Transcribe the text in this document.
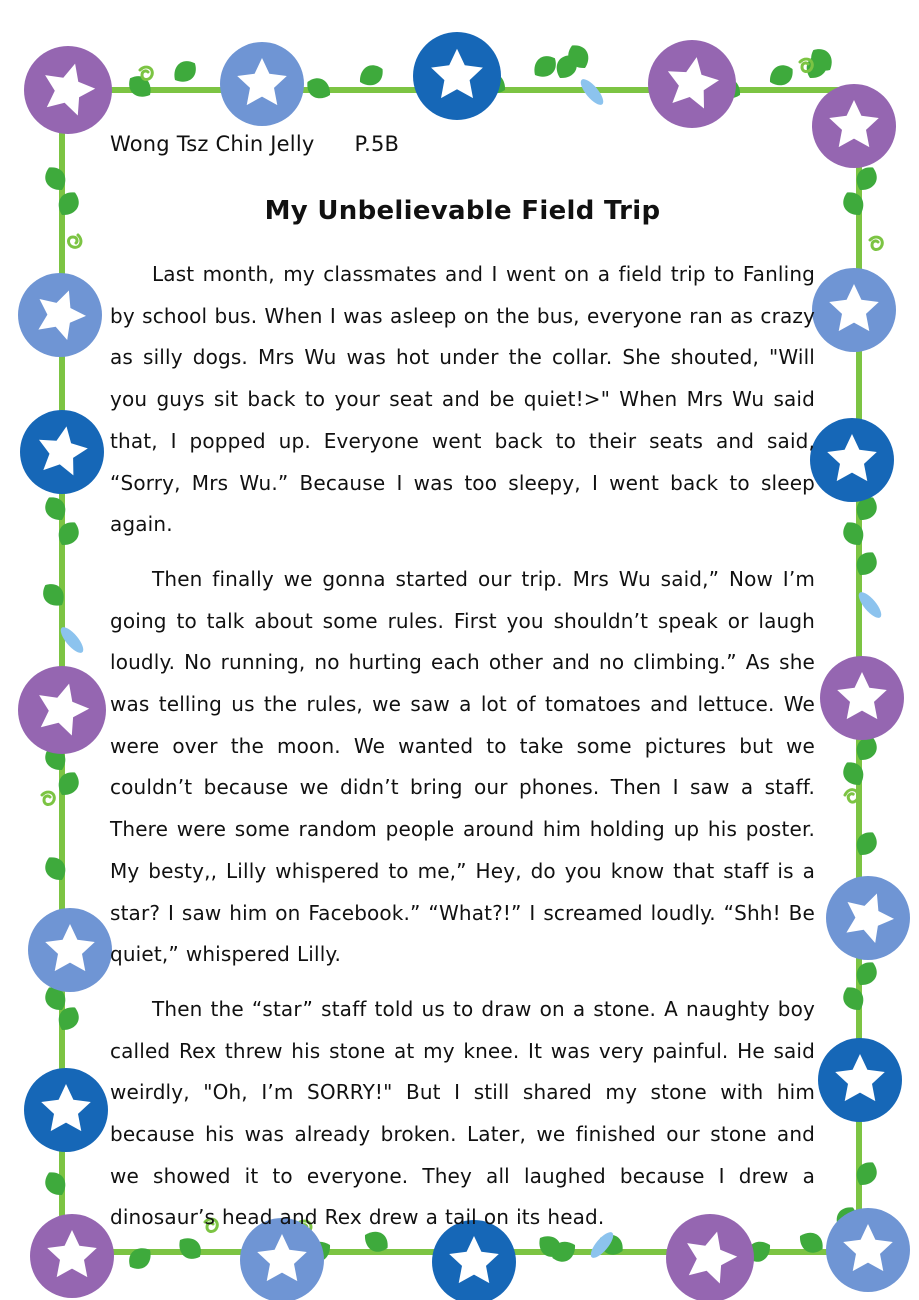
Wong Tsz Chin Jelly P.5B
My Unbelievable Field Trip

Last month, my classmates and I went on a field trip to Fanling by school bus. When I was asleep on the bus, everyone ran as crazy as silly dogs. Mrs Wu was hot under the collar. She shouted, "Will you guys sit back to your seat and be quiet!>" When Mrs Wu said that, I popped up. Everyone went back to their seats and said, “Sorry, Mrs Wu.” Because I was too sleepy, I went back to sleep again.

Then finally we gonna started our trip. Mrs Wu said,” Now I’m going to talk about some rules. First you shouldn’t speak or laugh loudly. No running, no hurting each other and no climbing.” As she was telling us the rules, we saw a lot of tomatoes and lettuce. We were over the moon. We wanted to take some pictures but we couldn’t because we didn’t bring our phones. Then I saw a staff. There were some random people around him holding up his poster. My besty,, Lilly whispered to me,” Hey, do you know that staff is a star? I saw him on Facebook.” “What?!” I screamed loudly. “Shh! Be quiet,” whispered Lilly.

Then the “star” staff told us to draw on a stone. A naughty boy called Rex threw his stone at my knee. It was very painful. He said weirdly, "Oh, I’m SORRY!" But I still shared my stone with him because his was already broken. Later, we finished our stone and we showed it to everyone. They all laughed because I drew a dinosaur’s head and Rex drew a tail on its head.
